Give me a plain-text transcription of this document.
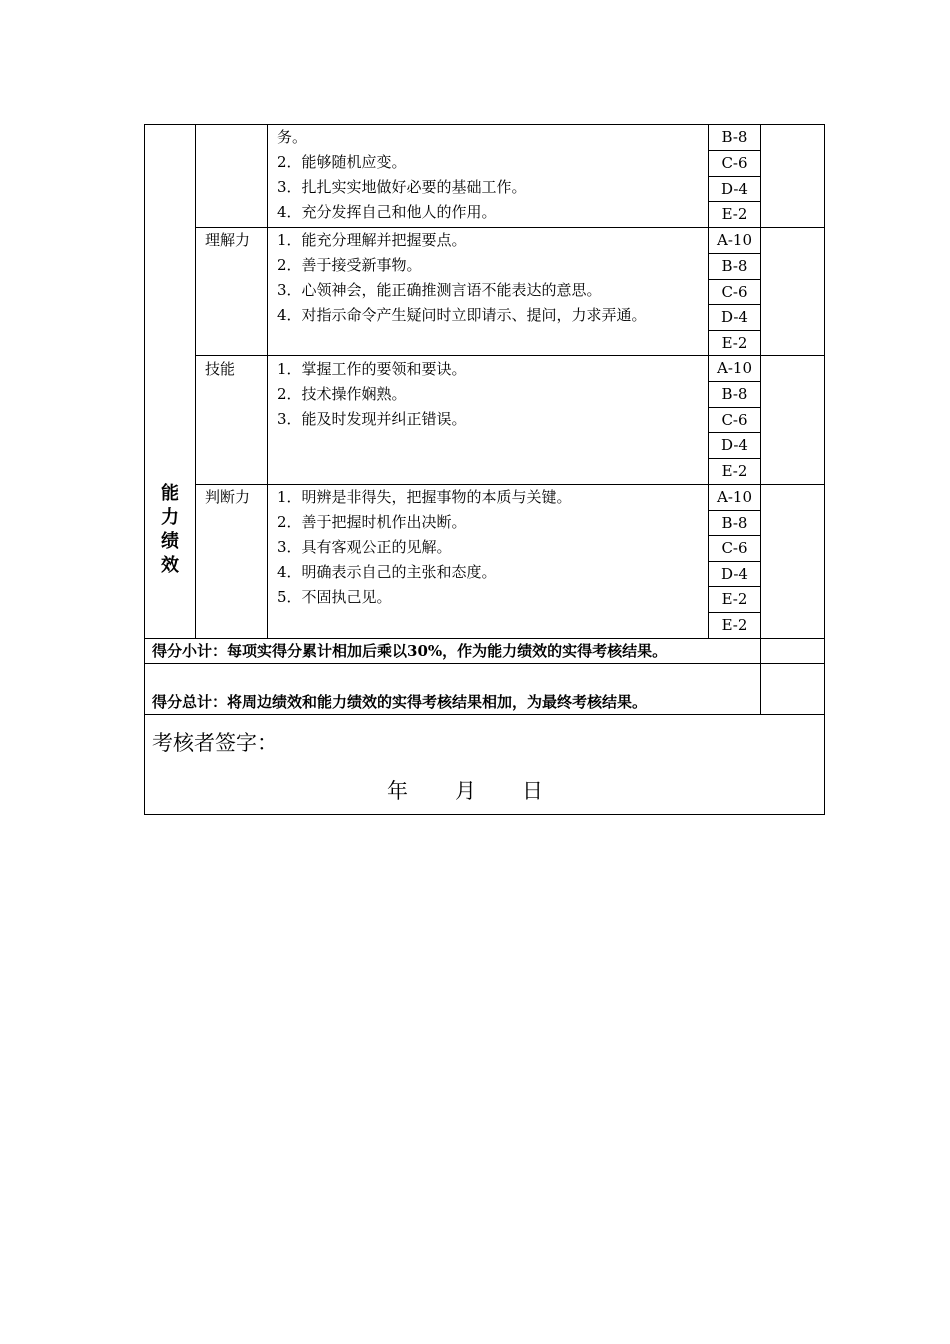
能
力
绩
效
务。
2．能够随机应变。
3．扎扎实实地做好必要的基础工作。
4．充分发挥自己和他人的作用。
B-8
C-6
D-4
E-2
理解力 1．能充分理解并把握要点。
2．善于接受新事物。
3．心领神会，能正确推测言语不能表达的意思。
4．对指示命令产生疑问时立即请示、提问，力求弄通。
A-10
B-8
C-6
D-4
E-2
技能	1．掌握工作的要领和要诀。
2．技术操作娴熟。
3．能及时发现并纠正错误。
A-10
B-8
C-6
D-4
E-2
判断力 1．明辨是非得失，把握事物的本质与关键。
2．善于把握时机作出决断。
3．具有客观公正的见解。
4．明确表示自己的主张和态度。
5．不固执己见。
A-10
B-8
C-6
D-4
E-2
E-2
得分小计：每项实得分累计相加后乘以30%，作为能力绩效的实得考核结果。
得分总计：将周边绩效和能力绩效的实得考核结果相加，为最终考核结果。
考核者签字：
年 月 日
